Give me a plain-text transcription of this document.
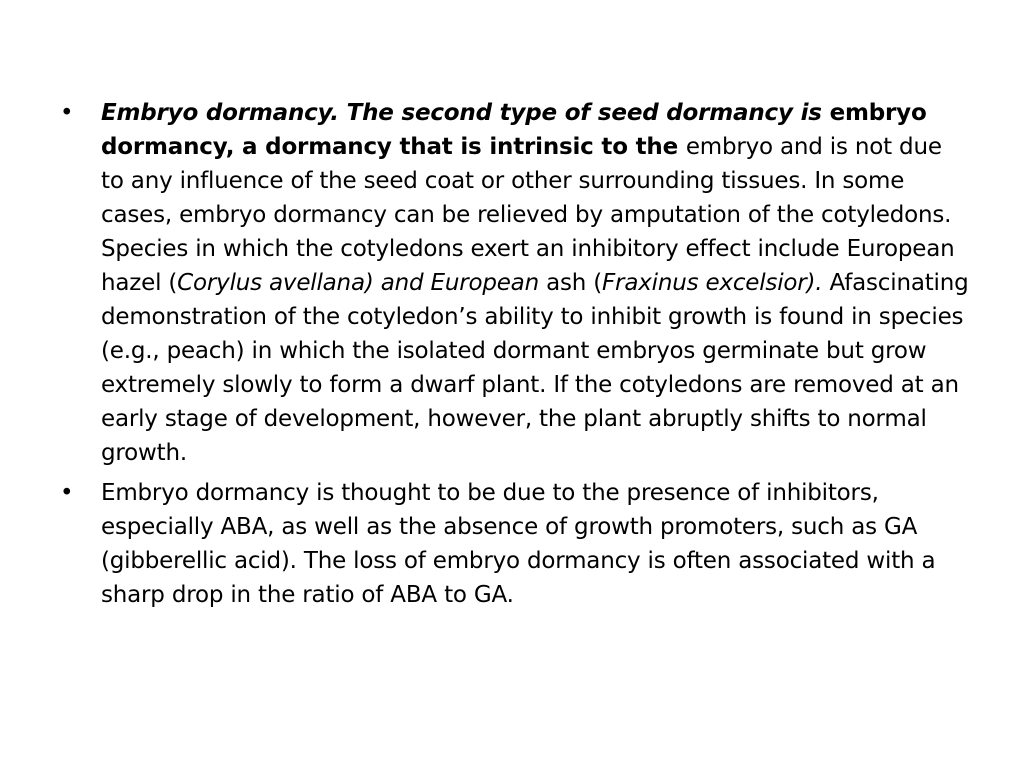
• Embryo dormancy. The second type of seed dormancy is embryo dormancy, a dormancy that is intrinsic to the embryo and is not due to any influence of the seed coat or other surrounding tissues. In some cases, embryo dormancy can be relieved by amputation of the cotyledons. Species in which the cotyledons exert an inhibitory effect include European hazel (Corylus avellana) and European ash (Fraxinus excelsior). Afascinating demonstration of the cotyledon’s ability to inhibit growth is found in species (e.g., peach) in which the isolated dormant embryos germinate but grow extremely slowly to form a dwarf plant. If the cotyledons are removed at an early stage of development, however, the plant abruptly shifts to normal growth.
• Embryo dormancy is thought to be due to the presence of inhibitors, especially ABA, as well as the absence of growth promoters, such as GA (gibberellic acid). The loss of embryo dormancy is often associated with a sharp drop in the ratio of ABA to GA.
